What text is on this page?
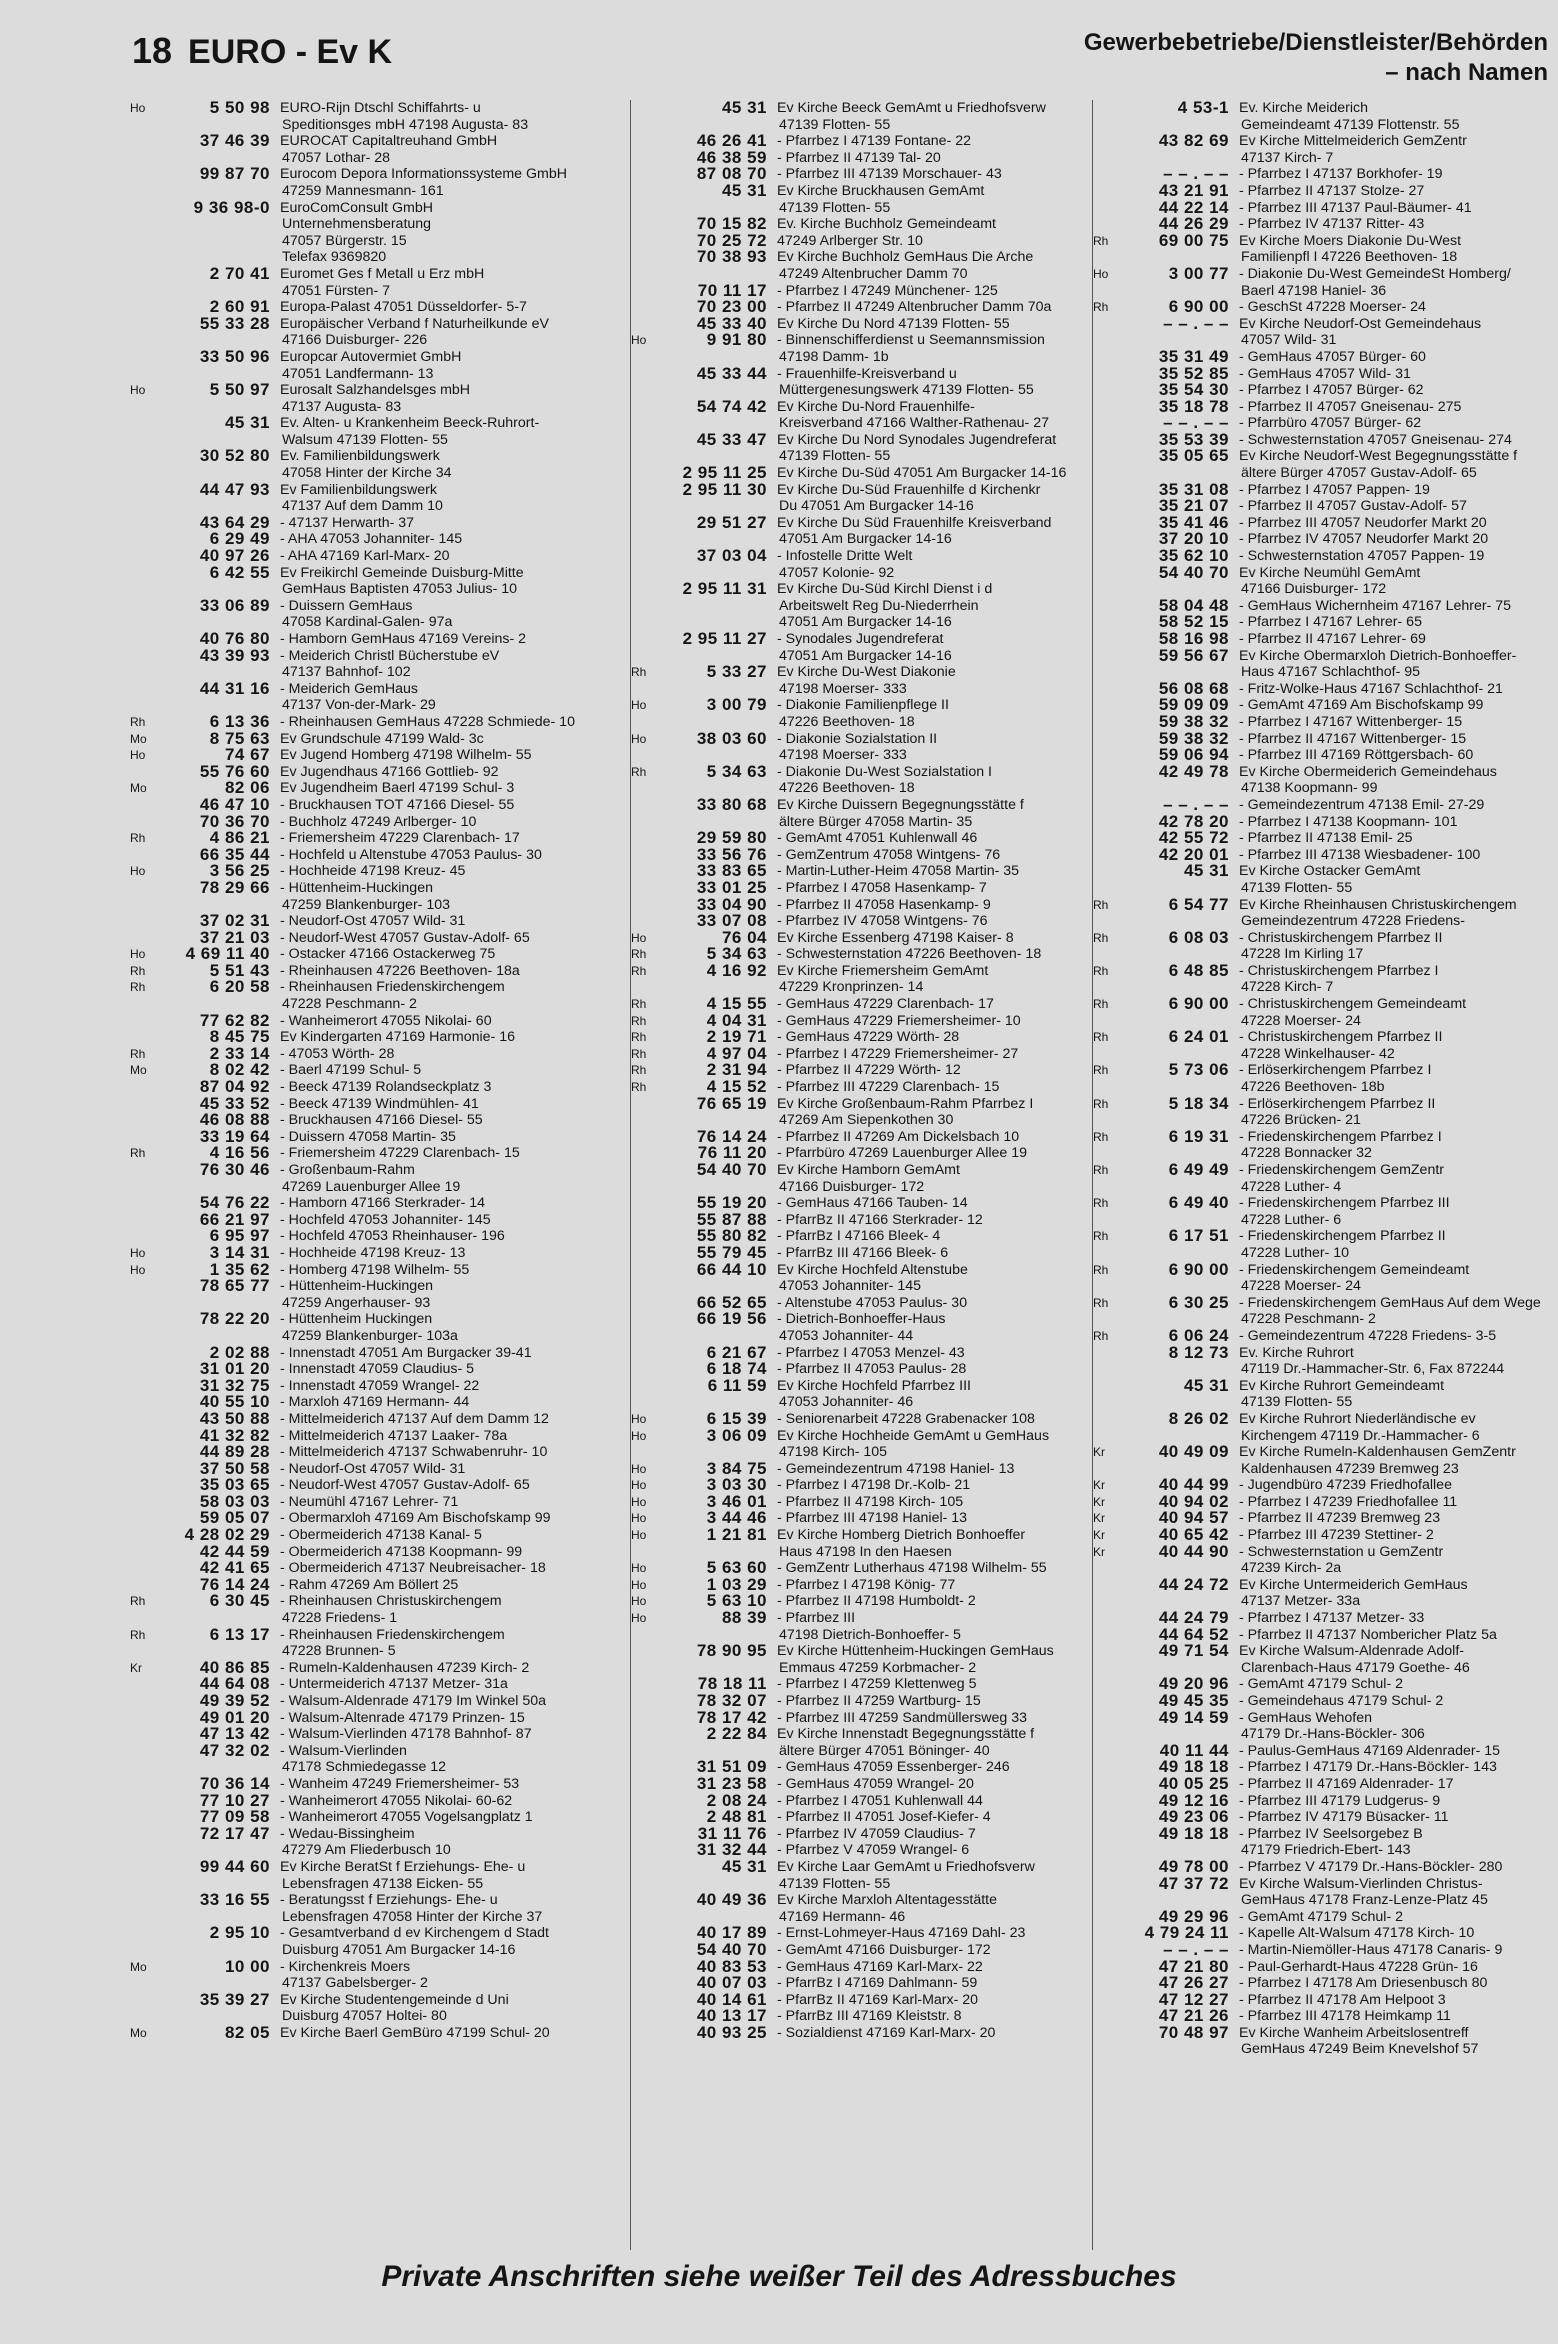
18 EURO - Ev K	Gewerbebetriebe/Dienstleister/Behörden
– nach Namen
Ho	5 50 98 EURO-Rijn Dtschl Schiffahrts- u
Speditionsges mbH 47198 Augusta- 83
37 46 39 EUROCAT Capitaltreuhand GmbH
47057 Lothar- 28
99 87 70 Eurocom Depora Informationssysteme GmbH
47259 Mannesmann- 161
9 36 98-0 EuroComConsult GmbH
Unternehmensberatung
47057 Bürgerstr. 15
Telefax 9369820
2 70 41 Euromet Ges f Metall u Erz mbH
47051 Fürsten- 7
2 60 91 Europa-Palast 47051 Düsseldorfer- 5-7
55 33 28 Europäischer Verband f Naturheilkunde eV
47166 Duisburger- 226
33 50 96 Europcar Autovermiet GmbH
47051 Landfermann- 13
Ho	5 50 97 Eurosalt Salzhandelsges mbH
47137 Augusta- 83
45 31 Ev. Alten- u Krankenheim Beeck-Ruhrort-
Walsum 47139 Flotten- 55
30 52 80 Ev. Familienbildungswerk
47058 Hinter der Kirche 34
44 47 93 Ev Familienbildungswerk
47137 Auf dem Damm 10
43 64 29 - 47137 Herwarth- 37
6 29 49 - AHA 47053 Johanniter- 145
40 97 26 - AHA 47169 Karl-Marx- 20
6 42 55 Ev Freikirchl Gemeinde Duisburg-Mitte
GemHaus Baptisten 47053 Julius- 10
33 06 89 - Duissern GemHaus
47058 Kardinal-Galen- 97a
40 76 80 - Hamborn GemHaus 47169 Vereins- 2
43 39 93 - Meiderich Christl Bücherstube eV
47137 Bahnhof- 102
44 31 16 - Meiderich GemHaus
47137 Von-der-Mark- 29
Rh	6 13 36 - Rheinhausen GemHaus 47228 Schmiede- 10
Mo	8 75 63 Ev Grundschule 47199 Wald- 3c
Ho	74 67 Ev Jugend Homberg 47198 Wilhelm- 55
55 76 60 Ev Jugendhaus 47166 Gottlieb- 92
Mo	82 06 Ev Jugendheim Baerl 47199 Schul- 3
46 47 10 - Bruckhausen TOT 47166 Diesel- 55
70 36 70 - Buchholz 47249 Arlberger- 10
Rh	4 86 21 - Friemersheim 47229 Clarenbach- 17
66 35 44 - Hochfeld u Altenstube 47053 Paulus- 30
Ho	3 56 25 - Hochheide 47198 Kreuz- 45
78 29 66 - Hüttenheim-Huckingen
47259 Blankenburger- 103
37 02 31 - Neudorf-Ost 47057 Wild- 31
37 21 03 - Neudorf-West 47057 Gustav-Adolf- 65
Ho	4 69 11 40 - Ostacker 47166 Ostackerweg 75
Rh	5 51 43 - Rheinhausen 47226 Beethoven- 18a
Rh	6 20 58 - Rheinhausen Friedenskirchengem
47228 Peschmann- 2
77 62 82 - Wanheimerort 47055 Nikolai- 60
8 45 75 Ev Kindergarten 47169 Harmonie- 16
Rh	2 33 14 - 47053 Wörth- 28
Mo	8 02 42 - Baerl 47199 Schul- 5
87 04 92 - Beeck 47139 Rolandseckplatz 3
45 33 52 - Beeck 47139 Windmühlen- 41
46 08 88 - Bruckhausen 47166 Diesel- 55
33 19 64 - Duissern 47058 Martin- 35
Rh	4 16 56 - Friemersheim 47229 Clarenbach- 15
76 30 46 - Großenbaum-Rahm
47269 Lauenburger Allee 19
54 76 22 - Hamborn 47166 Sterkrader- 14
66 21 97 - Hochfeld 47053 Johanniter- 145
6 95 97 - Hochfeld 47053 Rheinhauser- 196
Ho	3 14 31 - Hochheide 47198 Kreuz- 13
Ho	1 35 62 - Homberg 47198 Wilhelm- 55
78 65 77 - Hüttenheim-Huckingen
47259 Angerhauser- 93
78 22 20 - Hüttenheim Huckingen
47259 Blankenburger- 103a
2 02 88 - Innenstadt 47051 Am Burgacker 39-41
31 01 20 - Innenstadt 47059 Claudius- 5
31 32 75 - Innenstadt 47059 Wrangel- 22
40 55 10 - Marxloh 47169 Hermann- 44
43 50 88 - Mittelmeiderich 47137 Auf dem Damm 12
41 32 82 - Mittelmeiderich 47137 Laaker- 78a
44 89 28 - Mittelmeiderich 47137 Schwabenruhr- 10
37 50 58 - Neudorf-Ost 47057 Wild- 31
35 03 65 - Neudorf-West 47057 Gustav-Adolf- 65
58 03 03 - Neumühl 47167 Lehrer- 71
59 05 07 - Obermarxloh 47169 Am Bischofskamp 99
4 28 02 29 - Obermeiderich 47138 Kanal- 5
42 44 59 - Obermeiderich 47138 Koopmann- 99
42 41 65 - Obermeiderich 47137 Neubreisacher- 18
76 14 24 - Rahm 47269 Am Böllert 25
Rh	6 30 45 - Rheinhausen Christuskirchengem
47228 Friedens- 1
Rh	6 13 17 - Rheinhausen Friedenskirchengem
47228 Brunnen- 5
Kr	40 86 85 - Rumeln-Kaldenhausen 47239 Kirch- 2
44 64 08 - Untermeiderich 47137 Metzer- 31a
49 39 52 - Walsum-Aldenrade 47179 Im Winkel 50a
49 01 20 - Walsum-Altenrade 47179 Prinzen- 15
47 13 42 - Walsum-Vierlinden 47178 Bahnhof- 87
47 32 02 - Walsum-Vierlinden
47178 Schmiedegasse 12
70 36 14 - Wanheim 47249 Friemersheimer- 53
77 10 27 - Wanheimerort 47055 Nikolai- 60-62
77 09 58 - Wanheimerort 47055 Vogelsangplatz 1
72 17 47 - Wedau-Bissingheim
47279 Am Fliederbusch 10
99 44 60 Ev Kirche BeratSt f Erziehungs- Ehe- u
Lebensfragen 47138 Eicken- 55
33 16 55 - Beratungsst f Erziehungs- Ehe- u
Lebensfragen 47058 Hinter der Kirche 37
2 95 10 - Gesamtverband d ev Kirchengem d Stadt
Duisburg 47051 Am Burgacker 14-16
Mo	10 00 - Kirchenkreis Moers
47137 Gabelsberger- 2
35 39 27 Ev Kirche Studentengemeinde d Uni
Duisburg 47057 Holtei- 80
Mo	82 05 Ev Kirche Baerl GemBüro 47199 Schul- 20
45 31 Ev Kirche Beeck GemAmt u Friedhofsverw
47139 Flotten- 55
46 26 41 - Pfarrbez I 47139 Fontane- 22
46 38 59 - Pfarrbez II 47139 Tal- 20
87 08 70 - Pfarrbez III 47139 Morschauer- 43
45 31 Ev Kirche Bruckhausen GemAmt
47139 Flotten- 55
70 15 82 Ev. Kirche Buchholz Gemeindeamt
70 25 72 47249 Arlberger Str. 10
70 38 93 Ev Kirche Buchholz GemHaus Die Arche
47249 Altenbrucher Damm 70
70 11 17 - Pfarrbez I 47249 Münchener- 125
70 23 00 - Pfarrbez II 47249 Altenbrucher Damm 70a
45 33 40 Ev Kirche Du Nord 47139 Flotten- 55
Ho	9 91 80 - Binnenschifferdienst u Seemannsmission
47198 Damm- 1b
45 33 44 - Frauenhilfe-Kreisverband u
Müttergenesungswerk 47139 Flotten- 55
54 74 42 Ev Kirche Du-Nord Frauenhilfe-
Kreisverband 47166 Walther-Rathenau- 27
45 33 47 Ev Kirche Du Nord Synodales Jugendreferat
47139 Flotten- 55
2 95 11 25 Ev Kirche Du-Süd 47051 Am Burgacker 14-16
2 95 11 30 Ev Kirche Du-Süd Frauenhilfe d Kirchenkr
Du 47051 Am Burgacker 14-16
29 51 27 Ev Kirche Du Süd Frauenhilfe Kreisverband
47051 Am Burgacker 14-16
37 03 04 - Infostelle Dritte Welt
47057 Kolonie- 92
2 95 11 31 Ev Kirche Du-Süd Kirchl Dienst i d
Arbeitswelt Reg Du-Niederrhein
47051 Am Burgacker 14-16
2 95 11 27 - Synodales Jugendreferat
47051 Am Burgacker 14-16
Rh	5 33 27 Ev Kirche Du-West Diakonie
47198 Moerser- 333
Ho	3 00 79 - Diakonie Familienpflege II
47226 Beethoven- 18
Ho	38 03 60 - Diakonie Sozialstation II
47198 Moerser- 333
Rh	5 34 63 - Diakonie Du-West Sozialstation I
47226 Beethoven- 18
33 80 68 Ev Kirche Duissern Begegnungsstätte f
ältere Bürger 47058 Martin- 35
29 59 80 - GemAmt 47051 Kuhlenwall 46
33 56 76 - GemZentrum 47058 Wintgens- 76
33 83 65 - Martin-Luther-Heim 47058 Martin- 35
33 01 25 - Pfarrbez I 47058 Hasenkamp- 7
33 04 90 - Pfarrbez II 47058 Hasenkamp- 9
33 07 08 - Pfarrbez IV 47058 Wintgens- 76
Ho	76 04 Ev Kirche Essenberg 47198 Kaiser- 8
Rh	5 34 63 - Schwesternstation 47226 Beethoven- 18
Rh	4 16 92 Ev Kirche Friemersheim GemAmt
47229 Kronprinzen- 14
Rh	4 15 55 - GemHaus 47229 Clarenbach- 17
Rh	4 04 31 - GemHaus 47229 Friemersheimer- 10
Rh	2 19 71 - GemHaus 47229 Wörth- 28
Rh	4 97 04 - Pfarrbez I 47229 Friemersheimer- 27
Rh	2 31 94 - Pfarrbez II 47229 Wörth- 12
Rh	4 15 52 - Pfarrbez III 47229 Clarenbach- 15
76 65 19 Ev Kirche Großenbaum-Rahm Pfarrbez I
47269 Am Siepenkothen 30
76 14 24 - Pfarrbez II 47269 Am Dickelsbach 10
76 11 20 - Pfarrbüro 47269 Lauenburger Allee 19
54 40 70 Ev Kirche Hamborn GemAmt
47166 Duisburger- 172
55 19 20 - GemHaus 47166 Tauben- 14
55 87 88 - PfarrBz II 47166 Sterkrader- 12
55 80 82 - PfarrBz I 47166 Bleek- 4
55 79 45 - PfarrBz III 47166 Bleek- 6
66 44 10 Ev Kirche Hochfeld Altenstube
47053 Johanniter- 145
66 52 65 - Altenstube 47053 Paulus- 30
66 19 56 - Dietrich-Bonhoeffer-Haus
47053 Johanniter- 44
6 21 67 - Pfarrbez I 47053 Menzel- 43
6 18 74 - Pfarrbez II 47053 Paulus- 28
6 11 59 Ev Kirche Hochfeld Pfarrbez III
47053 Johanniter- 46
Ho	6 15 39 - Seniorenarbeit 47228 Grabenacker 108
Ho	3 06 09 Ev Kirche Hochheide GemAmt u GemHaus
47198 Kirch- 105
Ho	3 84 75 - Gemeindezentrum 47198 Haniel- 13
Ho	3 03 30 - Pfarrbez I 47198 Dr.-Kolb- 21
Ho	3 46 01 - Pfarrbez II 47198 Kirch- 105
Ho	3 44 46 - Pfarrbez III 47198 Haniel- 13
Ho	1 21 81 Ev Kirche Homberg Dietrich Bonhoeffer
Haus 47198 In den Haesen
Ho	5 63 60 - GemZentr Lutherhaus 47198 Wilhelm- 55
Ho	1 03 29 - Pfarrbez I 47198 König- 77
Ho	5 63 10 - Pfarrbez II 47198 Humboldt- 2
Ho	88 39 - Pfarrbez III
47198 Dietrich-Bonhoeffer- 5
78 90 95 Ev Kirche Hüttenheim-Huckingen GemHaus
Emmaus 47259 Korbmacher- 2
78 18 11 - Pfarrbez I 47259 Klettenweg 5
78 32 07 - Pfarrbez II 47259 Wartburg- 15
78 17 42 - Pfarrbez III 47259 Sandmüllersweg 33
2 22 84 Ev Kirche Innenstadt Begegnungsstätte f
ältere Bürger 47051 Böninger- 40
31 51 09 - GemHaus 47059 Essenberger- 246
31 23 58 - GemHaus 47059 Wrangel- 20
2 08 24 - Pfarrbez I 47051 Kuhlenwall 44
2 48 81 - Pfarrbez II 47051 Josef-Kiefer- 4
31 11 76 - Pfarrbez IV 47059 Claudius- 7
31 32 44 - Pfarrbez V 47059 Wrangel- 6
45 31 Ev Kirche Laar GemAmt u Friedhofsverw
47139 Flotten- 55
40 49 36 Ev Kirche Marxloh Altentagesstätte
47169 Hermann- 46
40 17 89 - Ernst-Lohmeyer-Haus 47169 Dahl- 23
54 40 70 - GemAmt 47166 Duisburger- 172
40 83 53 - GemHaus 47169 Karl-Marx- 22
40 07 03 - PfarrBz I 47169 Dahlmann- 59
40 14 61 - PfarrBz II 47169 Karl-Marx- 20
40 13 17 - PfarrBz III 47169 Kleiststr. 8
40 93 25 - Sozialdienst 47169 Karl-Marx- 20
4 53-1 Ev. Kirche Meiderich
Gemeindeamt 47139 Flottenstr. 55
43 82 69 Ev Kirche Mittelmeiderich GemZentr
47137 Kirch- 7
– – . – – - Pfarrbez I 47137 Borkhofer- 19
43 21 91 - Pfarrbez II 47137 Stolze- 27
44 22 14 - Pfarrbez III 47137 Paul-Bäumer- 41
44 26 29 - Pfarrbez IV 47137 Ritter- 43
Rh	69 00 75 Ev Kirche Moers Diakonie Du-West
Familienpfl I 47226 Beethoven- 18
Ho	3 00 77 - Diakonie Du-West GemeindeSt Homberg/
Baerl 47198 Haniel- 36
Rh	6 90 00 - GeschSt 47228 Moerser- 24
– – . – – Ev Kirche Neudorf-Ost Gemeindehaus
47057 Wild- 31
35 31 49 - GemHaus 47057 Bürger- 60
35 52 85 - GemHaus 47057 Wild- 31
35 54 30 - Pfarrbez I 47057 Bürger- 62
35 18 78 - Pfarrbez II 47057 Gneisenau- 275
– – . – – - Pfarrbüro 47057 Bürger- 62
35 53 39 - Schwesternstation 47057 Gneisenau- 274
35 05 65 Ev Kirche Neudorf-West Begegnungsstätte f
ältere Bürger 47057 Gustav-Adolf- 65
35 31 08 - Pfarrbez I 47057 Pappen- 19
35 21 07 - Pfarrbez II 47057 Gustav-Adolf- 57
35 41 46 - Pfarrbez III 47057 Neudorfer Markt 20
37 20 10 - Pfarrbez IV 47057 Neudorfer Markt 20
35 62 10 - Schwesternstation 47057 Pappen- 19
54 40 70 Ev Kirche Neumühl GemAmt
47166 Duisburger- 172
58 04 48 - GemHaus Wichernheim 47167 Lehrer- 75
58 52 15 - Pfarrbez I 47167 Lehrer- 65
58 16 98 - Pfarrbez II 47167 Lehrer- 69
59 56 67 Ev Kirche Obermarxloh Dietrich-Bonhoeffer-
Haus 47167 Schlachthof- 95
56 08 68 - Fritz-Wolke-Haus 47167 Schlachthof- 21
59 09 09 - GemAmt 47169 Am Bischofskamp 99
59 38 32 - Pfarrbez I 47167 Wittenberger- 15
59 38 32 - Pfarrbez II 47167 Wittenberger- 15
59 06 94 - Pfarrbez III 47169 Röttgersbach- 60
42 49 78 Ev Kirche Obermeiderich Gemeindehaus
47138 Koopmann- 99
– – . – – - Gemeindezentrum 47138 Emil- 27-29
42 78 20 - Pfarrbez I 47138 Koopmann- 101
42 55 72 - Pfarrbez II 47138 Emil- 25
42 20 01 - Pfarrbez III 47138 Wiesbadener- 100
45 31 Ev Kirche Ostacker GemAmt
47139 Flotten- 55
Rh	6 54 77 Ev Kirche Rheinhausen Christuskirchengem
Gemeindezentrum 47228 Friedens-
Rh	6 08 03 - Christuskirchengem Pfarrbez II
47228 Im Kirling 17
Rh	6 48 85 - Christuskirchengem Pfarrbez I
47228 Kirch- 7
Rh	6 90 00 - Christuskirchengem Gemeindeamt
47228 Moerser- 24
Rh	6 24 01 - Christuskirchengem Pfarrbez II
47228 Winkelhauser- 42
Rh	5 73 06 - Erlöserkirchengem Pfarrbez I
47226 Beethoven- 18b
Rh	5 18 34 - Erlöserkirchengem Pfarrbez II
47226 Brücken- 21
Rh	6 19 31 - Friedenskirchengem Pfarrbez I
47228 Bonnacker 32
Rh	6 49 49 - Friedenskirchengem GemZentr
47228 Luther- 4
Rh	6 49 40 - Friedenskirchengem Pfarrbez III
47228 Luther- 6
Rh	6 17 51 - Friedenskirchengem Pfarrbez II
47228 Luther- 10
Rh	6 90 00 - Friedenskirchengem Gemeindeamt
47228 Moerser- 24
Rh	6 30 25 - Friedenskirchengem GemHaus Auf dem Wege
47228 Peschmann- 2
Rh	6 06 24 - Gemeindezentrum 47228 Friedens- 3-5
8 12 73 Ev. Kirche Ruhrort
47119 Dr.-Hammacher-Str. 6, Fax 872244
45 31 Ev Kirche Ruhrort Gemeindeamt
47139 Flotten- 55
8 26 02 Ev Kirche Ruhrort Niederländische ev
Kirchengem 47119 Dr.-Hammacher- 6
Kr	40 49 09 Ev Kirche Rumeln-Kaldenhausen GemZentr
Kaldenhausen 47239 Bremweg 23
Kr	40 44 99 - Jugendbüro 47239 Friedhofallee
Kr	40 94 02 - Pfarrbez I 47239 Friedhofallee 11
Kr	40 94 57 - Pfarrbez II 47239 Bremweg 23
Kr	40 65 42 - Pfarrbez III 47239 Stettiner- 2
Kr	40 44 90 - Schwesternstation u GemZentr
47239 Kirch- 2a
44 24 72 Ev Kirche Untermeiderich GemHaus
47137 Metzer- 33a
44 24 79 - Pfarrbez I 47137 Metzer- 33
44 64 52 - Pfarrbez II 47137 Nombericher Platz 5a
49 71 54 Ev Kirche Walsum-Aldenrade Adolf-
Clarenbach-Haus 47179 Goethe- 46
49 20 96 - GemAmt 47179 Schul- 2
49 45 35 - Gemeindehaus 47179 Schul- 2
49 14 59 - GemHaus Wehofen
47179 Dr.-Hans-Böckler- 306
40 11 44 - Paulus-GemHaus 47169 Aldenrader- 15
49 18 18 - Pfarrbez I 47179 Dr.-Hans-Böckler- 143
40 05 25 - Pfarrbez II 47169 Aldenrader- 17
49 12 16 - Pfarrbez III 47179 Ludgerus- 9
49 23 06 - Pfarrbez IV 47179 Büsacker- 11
49 18 18 - Pfarrbez IV Seelsorgebez B
47179 Friedrich-Ebert- 143
49 78 00 - Pfarrbez V 47179 Dr.-Hans-Böckler- 280
47 37 72 Ev Kirche Walsum-Vierlinden Christus-
GemHaus 47178 Franz-Lenze-Platz 45
49 29 96 - GemAmt 47179 Schul- 2
4 79 24 11 - Kapelle Alt-Walsum 47178 Kirch- 10
– – . – – - Martin-Niemöller-Haus 47178 Canaris- 9
47 21 80 - Paul-Gerhardt-Haus 47228 Grün- 16
47 26 27 - Pfarrbez I 47178 Am Driesenbusch 80
47 12 27 - Pfarrbez II 47178 Am Helpoot 3
47 21 26 - Pfarrbez III 47178 Heimkamp 11
70 48 97 Ev Kirche Wanheim Arbeitslosentreff
GemHaus 47249 Beim Knevelshof 57
Private Anschriften siehe weißer Teil des Adressbuches
